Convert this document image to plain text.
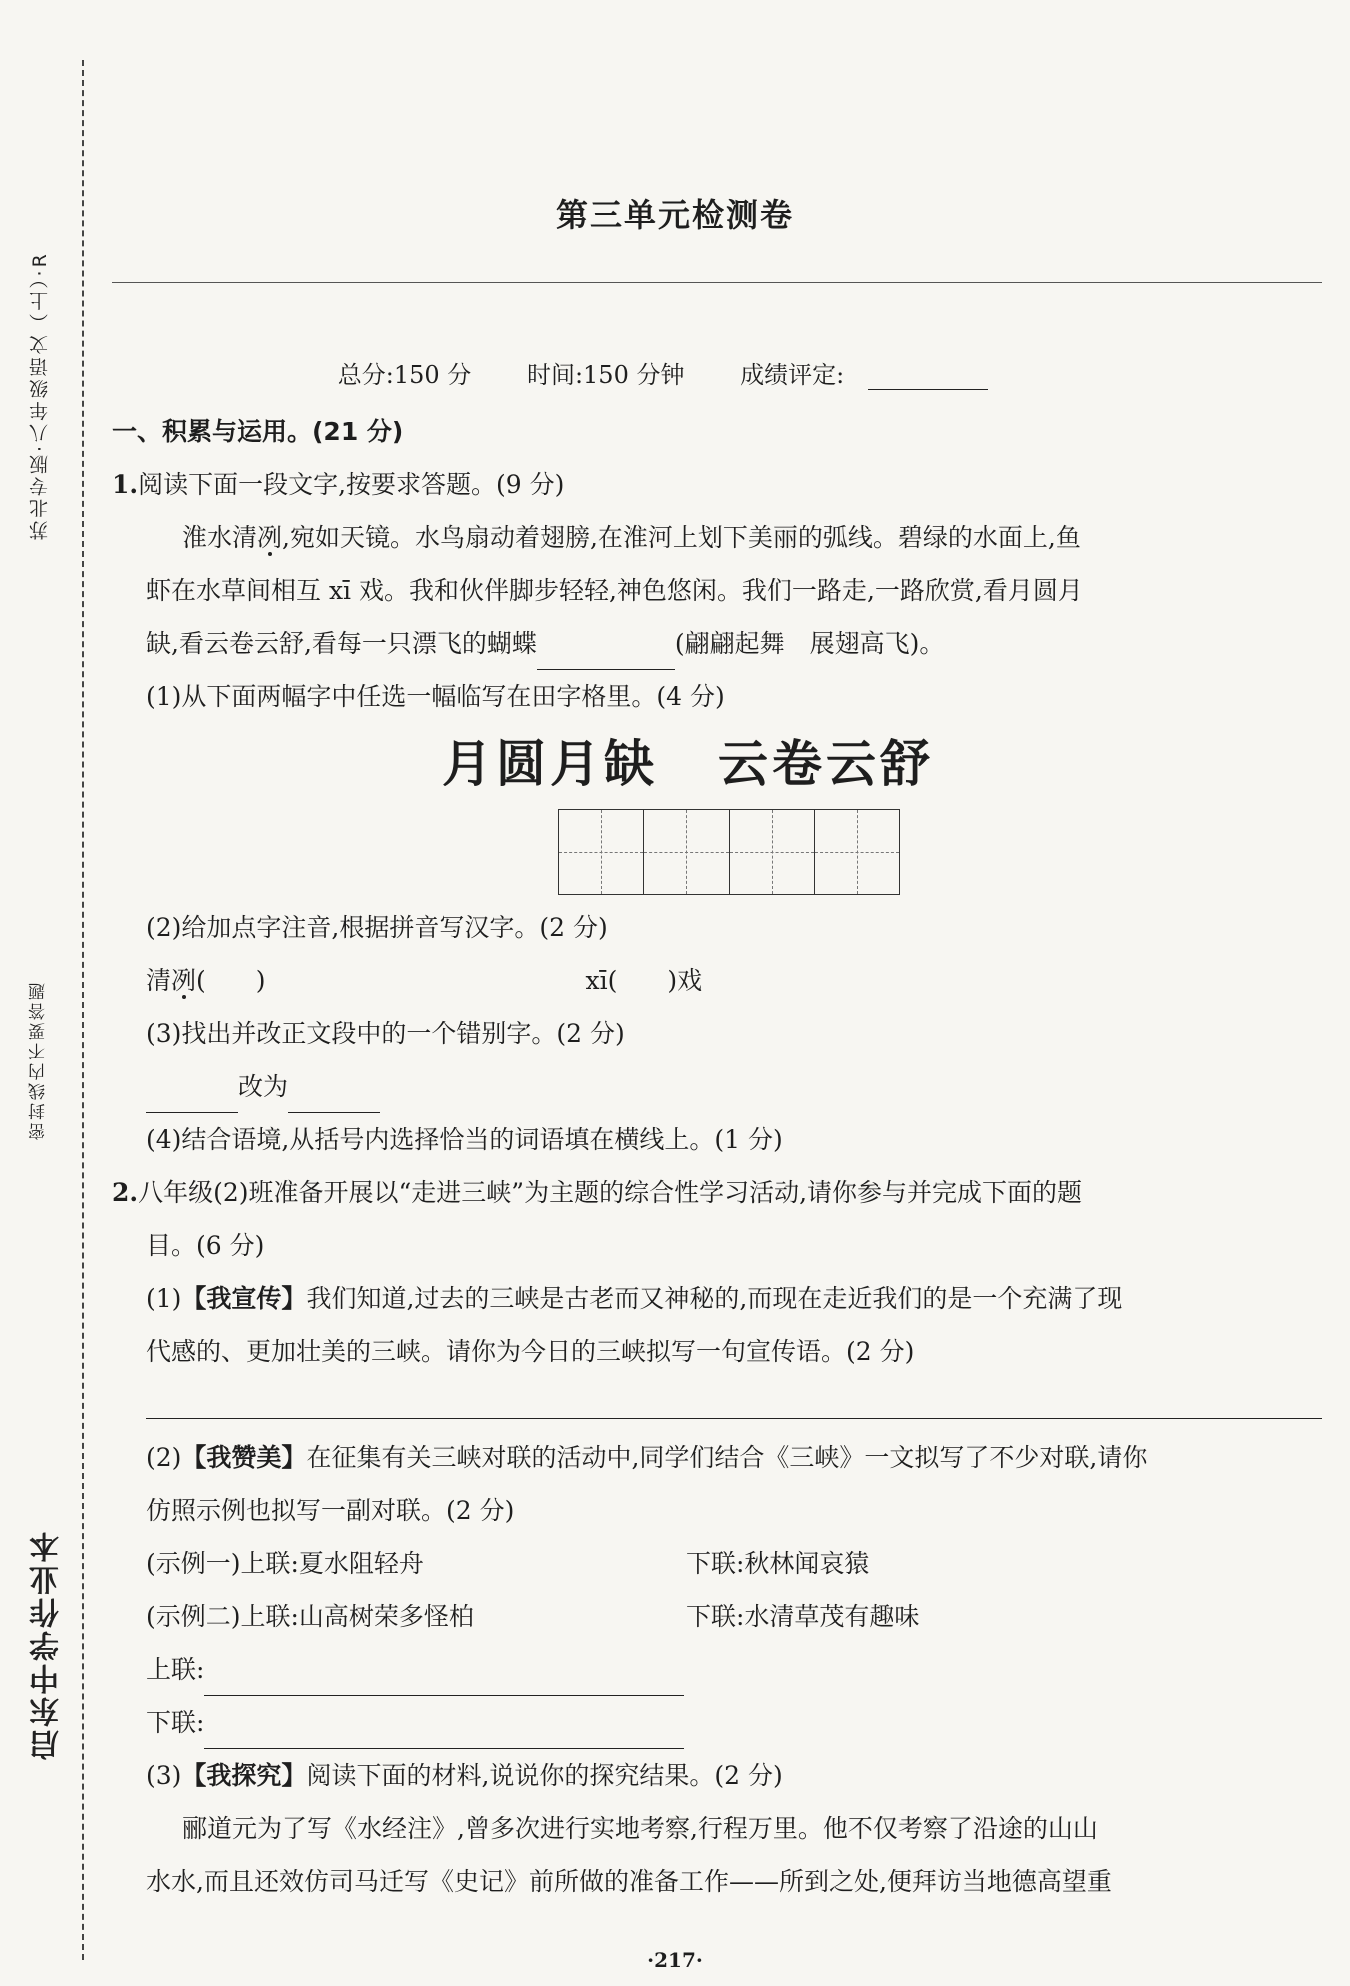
苏北专版·八年级语文（上）·R
密封线内不要答题
启东中学作业本
第三单元检测卷
总分:150 分 时间:150 分钟 成绩评定:
一、积累与运用。(21 分)
1.阅读下面一段文字,按要求答题。(9 分)
淮水清冽,宛如天镜。水鸟扇动着翅膀,在淮河上划下美丽的弧线。碧绿的水面上,鱼
虾在水草间相互 xī 戏。我和伙伴脚步轻轻,神色悠闲。我们一路走,一路欣赏,看月圆月
缺,看云卷云舒,看每一只漂飞的蝴蝶	(翩翩起舞　展翅高飞)。
(1)从下面两幅字中任选一幅临写在田字格里。(4 分)
月圆月缺 云卷云舒
(2)给加点字注音,根据拼音写汉字。(2 分)
清冽(　　)	xī(　　)戏
(3)找出并改正文段中的一个错别字。(2 分)
改为
(4)结合语境,从括号内选择恰当的词语填在横线上。(1 分)
2.八年级(2)班准备开展以“走进三峡”为主题的综合性学习活动,请你参与并完成下面的题
目。(6 分)
(1)【我宣传】我们知道,过去的三峡是古老而又神秘的,而现在走近我们的是一个充满了现
代感的、更加壮美的三峡。请你为今日的三峡拟写一句宣传语。(2 分)
(2)【我赞美】在征集有关三峡对联的活动中,同学们结合《三峡》一文拟写了不少对联,请你
仿照示例也拟写一副对联。(2 分)
(示例一)上联:夏水阻轻舟	下联:秋林闻哀猿
(示例二)上联:山高树荣多怪柏	下联:水清草茂有趣味
上联:
下联:
(3)【我探究】阅读下面的材料,说说你的探究结果。(2 分)
郦道元为了写《水经注》,曾多次进行实地考察,行程万里。他不仅考察了沿途的山山
水水,而且还效仿司马迁写《史记》前所做的准备工作——所到之处,便拜访当地德高望重
·217·
